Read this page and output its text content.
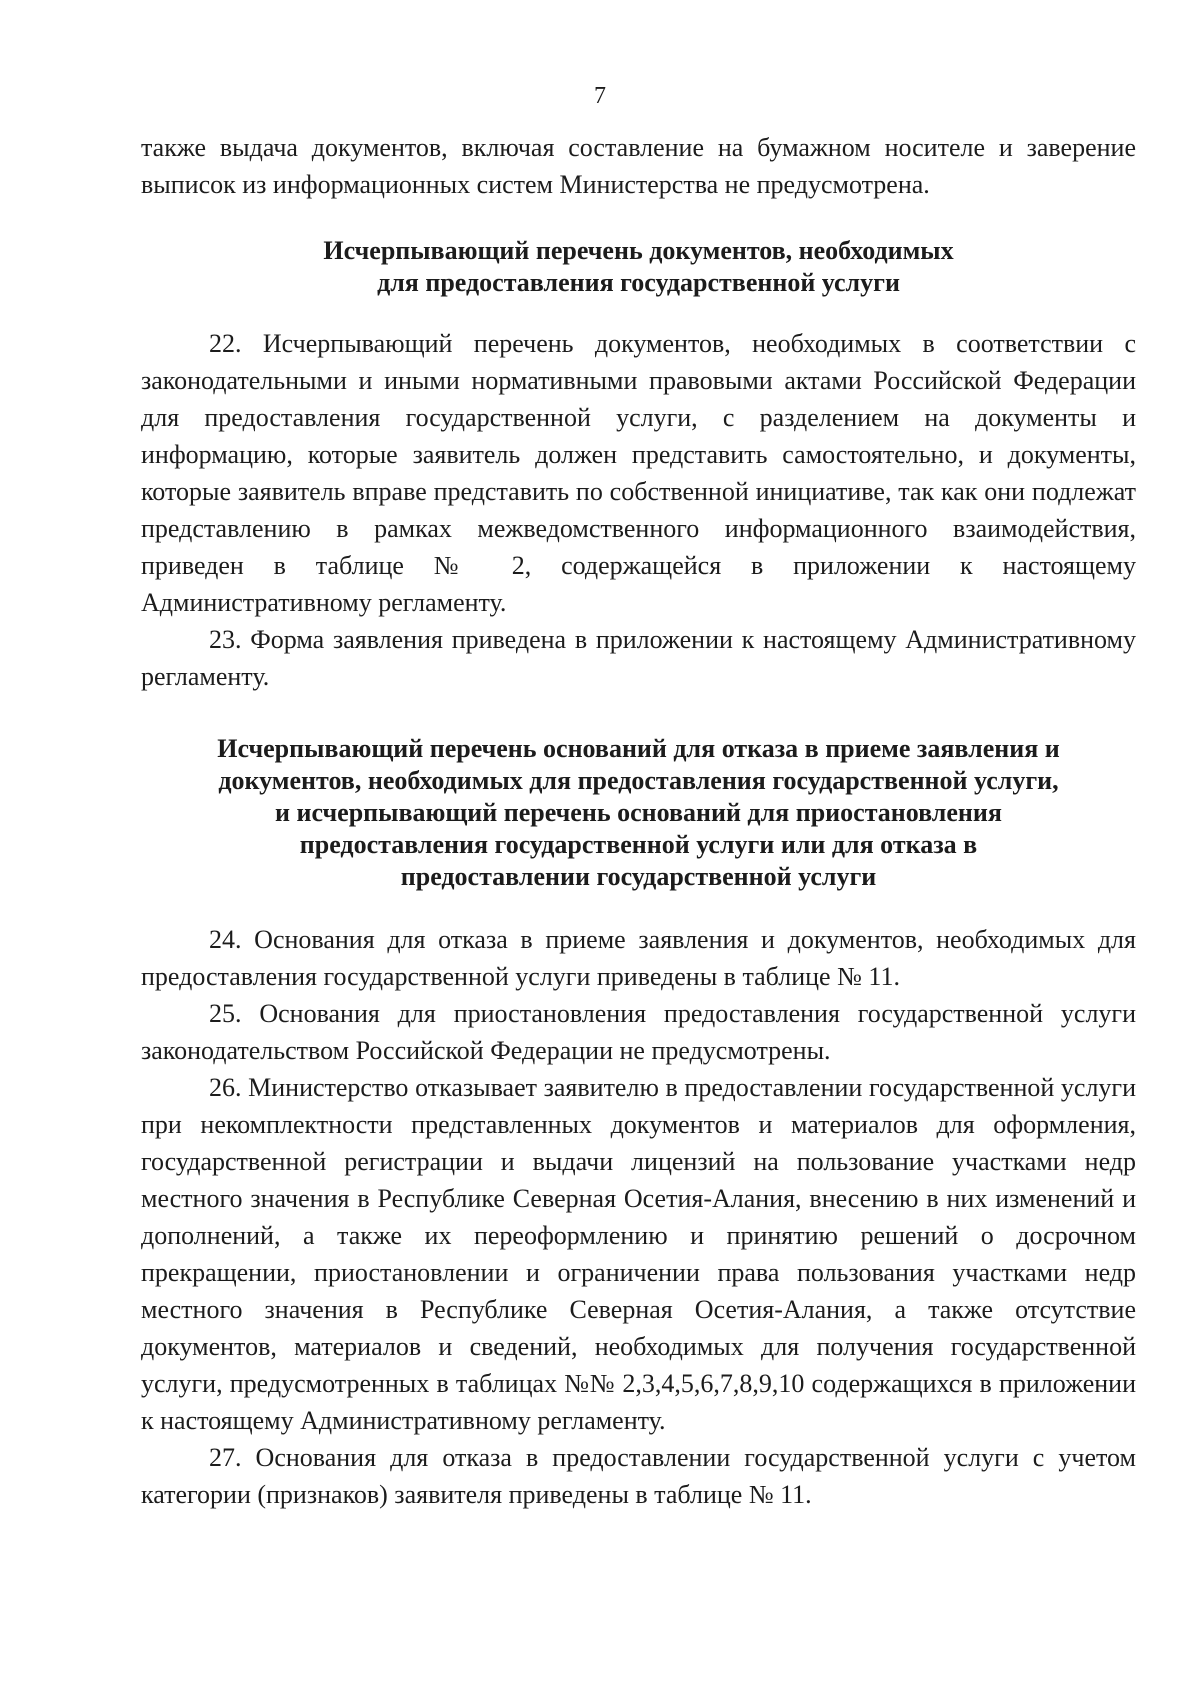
7

также выдача документов, включая составление на бумажном носителе и заверение выписок из информационных систем Министерства не предусмотрена.

Исчерпывающий перечень документов, необходимых
для предоставления государственной услуги

22. Исчерпывающий перечень документов, необходимых в соответствии с законодательными и иными нормативными правовыми актами Российской Федерации для предоставления государственной услуги, с разделением на документы и информацию, которые заявитель должен представить самостоятельно, и документы, которые заявитель вправе представить по собственной инициативе, так как они подлежат представлению в рамках межведомственного информационного взаимодействия, приведен в таблице № 2, содержащейся в приложении к настоящему Административному регламенту.

23. Форма заявления приведена в приложении к настоящему Административному регламенту.

Исчерпывающий перечень оснований для отказа в приеме заявления и
документов, необходимых для предоставления государственной услуги,
и исчерпывающий перечень оснований для приостановления
предоставления государственной услуги или для отказа в
предоставлении государственной услуги

24. Основания для отказа в приеме заявления и документов, необходимых для предоставления государственной услуги приведены в таблице № 11.

25. Основания для приостановления предоставления государственной услуги законодательством Российской Федерации не предусмотрены.

26. Министерство отказывает заявителю в предоставлении государственной услуги при некомплектности представленных документов и материалов для оформления, государственной регистрации и выдачи лицензий на пользование участками недр местного значения в Республике Северная Осетия-Алания, внесению в них изменений и дополнений, а также их переоформлению и принятию решений о досрочном прекращении, приостановлении и ограничении права пользования участками недр местного значения в Республике Северная Осетия-Алания, а также отсутствие документов, материалов и сведений, необходимых для получения государственной услуги, предусмотренных в таблицах №№ 2,3,4,5,6,7,8,9,10 содержащихся в приложении к настоящему Административному регламенту.

27. Основания для отказа в предоставлении государственной услуги с учетом категории (признаков) заявителя приведены в таблице № 11.
